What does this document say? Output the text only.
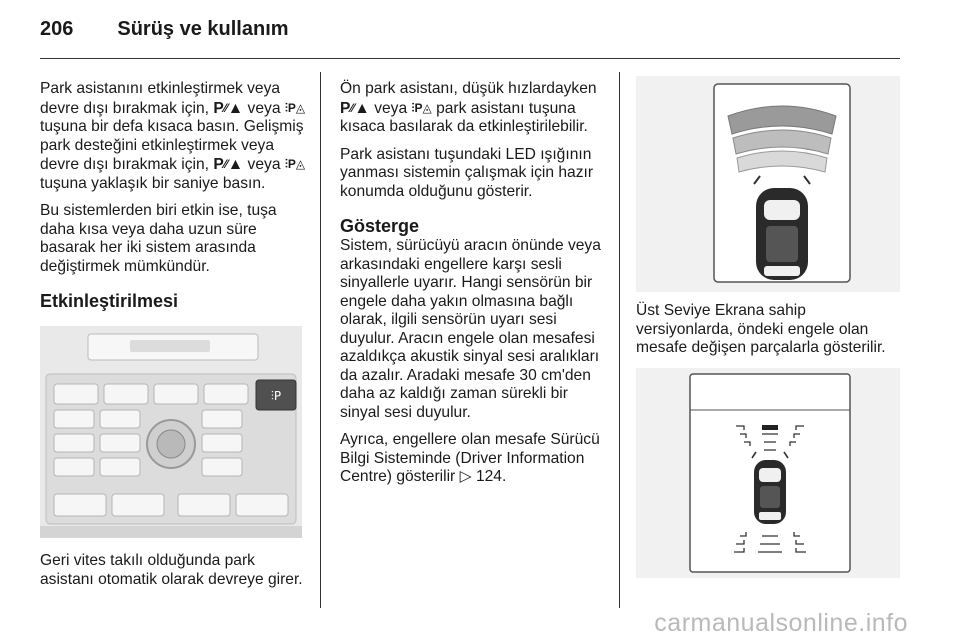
206 Sürüş ve kullanım

Park asistanını etkinleştirmek veya devre dışı bırakmak için, P⁄⁄▲ veya ⫶P◬ tuşuna bir defa kısaca basın. Gelişmiş park desteğini etkinleştirmek veya devre dışı bırakmak için, P⁄⁄▲ veya ⫶P◬ tuşuna yaklaşık bir saniye basın.

Bu sistemlerden biri etkin ise, tuşa daha kısa veya daha uzun süre basarak her iki sistem arasında değiştirmek mümkündür.

Etkinleştirilmesi
⫶P

Geri vites takılı olduğunda park asistanı otomatik olarak devreye girer.

Ön park asistanı, düşük hızlardayken P⁄⁄▲ veya ⫶P◬ park asistanı tuşuna kısaca basılarak da etkinleştirilebilir.

Park asistanı tuşundaki LED ışığının yanması sistemin çalışmak için hazır konumda olduğunu gösterir.

Gösterge

Sistem, sürücüyü aracın önünde veya arkasındaki engellere karşı sesli sinyallerle uyarır. Hangi sensörün bir engele daha yakın olmasına bağlı olarak, ilgili sensörün uyarı sesi duyulur. Aracın engele olan mesafesi azaldıkça akustik sinyal sesi aralıkları da azalır. Aradaki mesafe 30 cm'den daha az kaldığı zaman sürekli bir sinyal sesi duyulur.

Ayrıca, engellere olan mesafe Sürücü Bilgi Sisteminde (Driver Information Centre) gösterilir ▷ 124.

Üst Seviye Ekrana sahip versiyonlarda, öndeki engele olan mesafe değişen parçalarla gösterilir.

carmanualsonline.info
